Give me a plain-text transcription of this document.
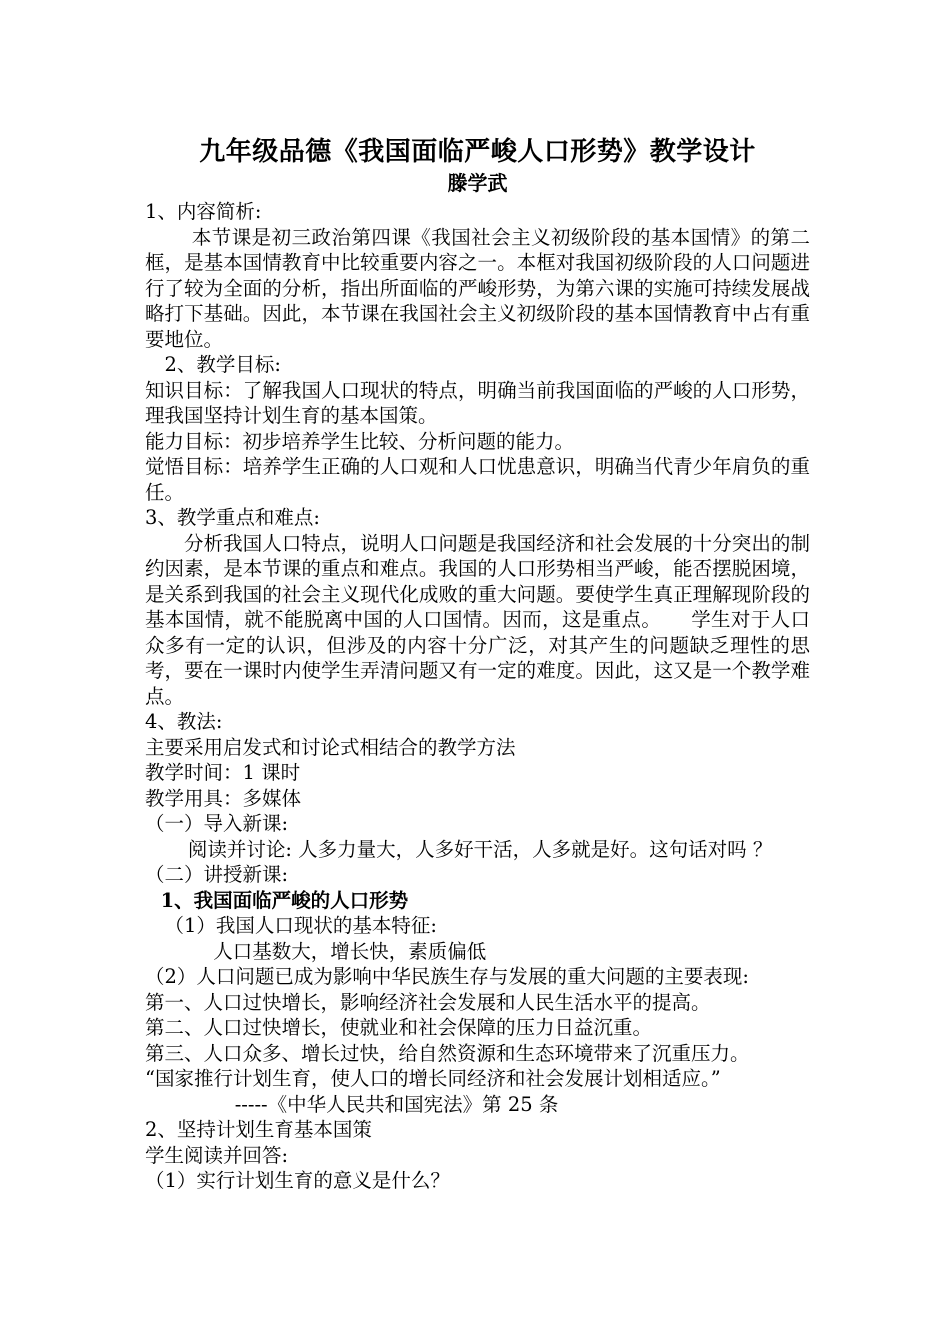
九年级品德《我国面临严峻人口形势》教学设计
滕学武

1、内容简析:

本节课是初三政治第四课《我国社会主义初级阶段的基本国情》的第二框，是基本国情教育中比较重要内容之一。本框对我国初级阶段的人口问题进行了较为全面的分析，指出所面临的严峻形势，为第六课的实施可持续发展战略打下基础。因此，本节课在我国社会主义初级阶段的基本国情教育中占有重要地位。

2、教学目标:

知识目标：了解我国人口现状的特点，明确当前我国面临的严峻的人口形势，理我国坚持计划生育的基本国策。

能力目标：初步培养学生比较、分析问题的能力。

觉悟目标：培养学生正确的人口观和人口忧患意识，明确当代青少年肩负的重任。

3、教学重点和难点:

分析我国人口特点，说明人口问题是我国经济和社会发展的十分突出的制约因素，是本节课的重点和难点。我国的人口形势相当严峻，能否摆脱困境，是关系到我国的社会主义现代化成败的重大问题。要使学生真正理解现阶段的基本国情，就不能脱离中国的人口国情。因而，这是重点。　　学生对于人口众多有一定的认识，但涉及的内容十分广泛，对其产生的问题缺乏理性的思考，要在一课时内使学生弄清问题又有一定的难度。因此，这又是一个教学难点。

4、教法:

主要采用启发式和讨论式相结合的教学方法

教学时间：1 课时

教学用具：多媒体

（一）导入新课:

阅读并讨论: 人多力量大，人多好干活，人多就是好。这句话对吗 ？

（二）讲授新课:

1、我国面临严峻的人口形势

（1）我国人口现状的基本特征:

人口基数大，增长快，素质偏低

（2）人口问题已成为影响中华民族生存与发展的重大问题的主要表现:

第一、人口过快增长，影响经济社会发展和人民生活水平的提高。

第二、人口过快增长，使就业和社会保障的压力日益沉重。

第三、人口众多、增长过快，给自然资源和生态环境带来了沉重压力。

“国家推行计划生育，使人口的增长同经济和社会发展计划相适应。”

-----《中华人民共和国宪法》第 25 条

2、坚持计划生育基本国策

学生阅读并回答:

（1）实行计划生育的意义是什么？
